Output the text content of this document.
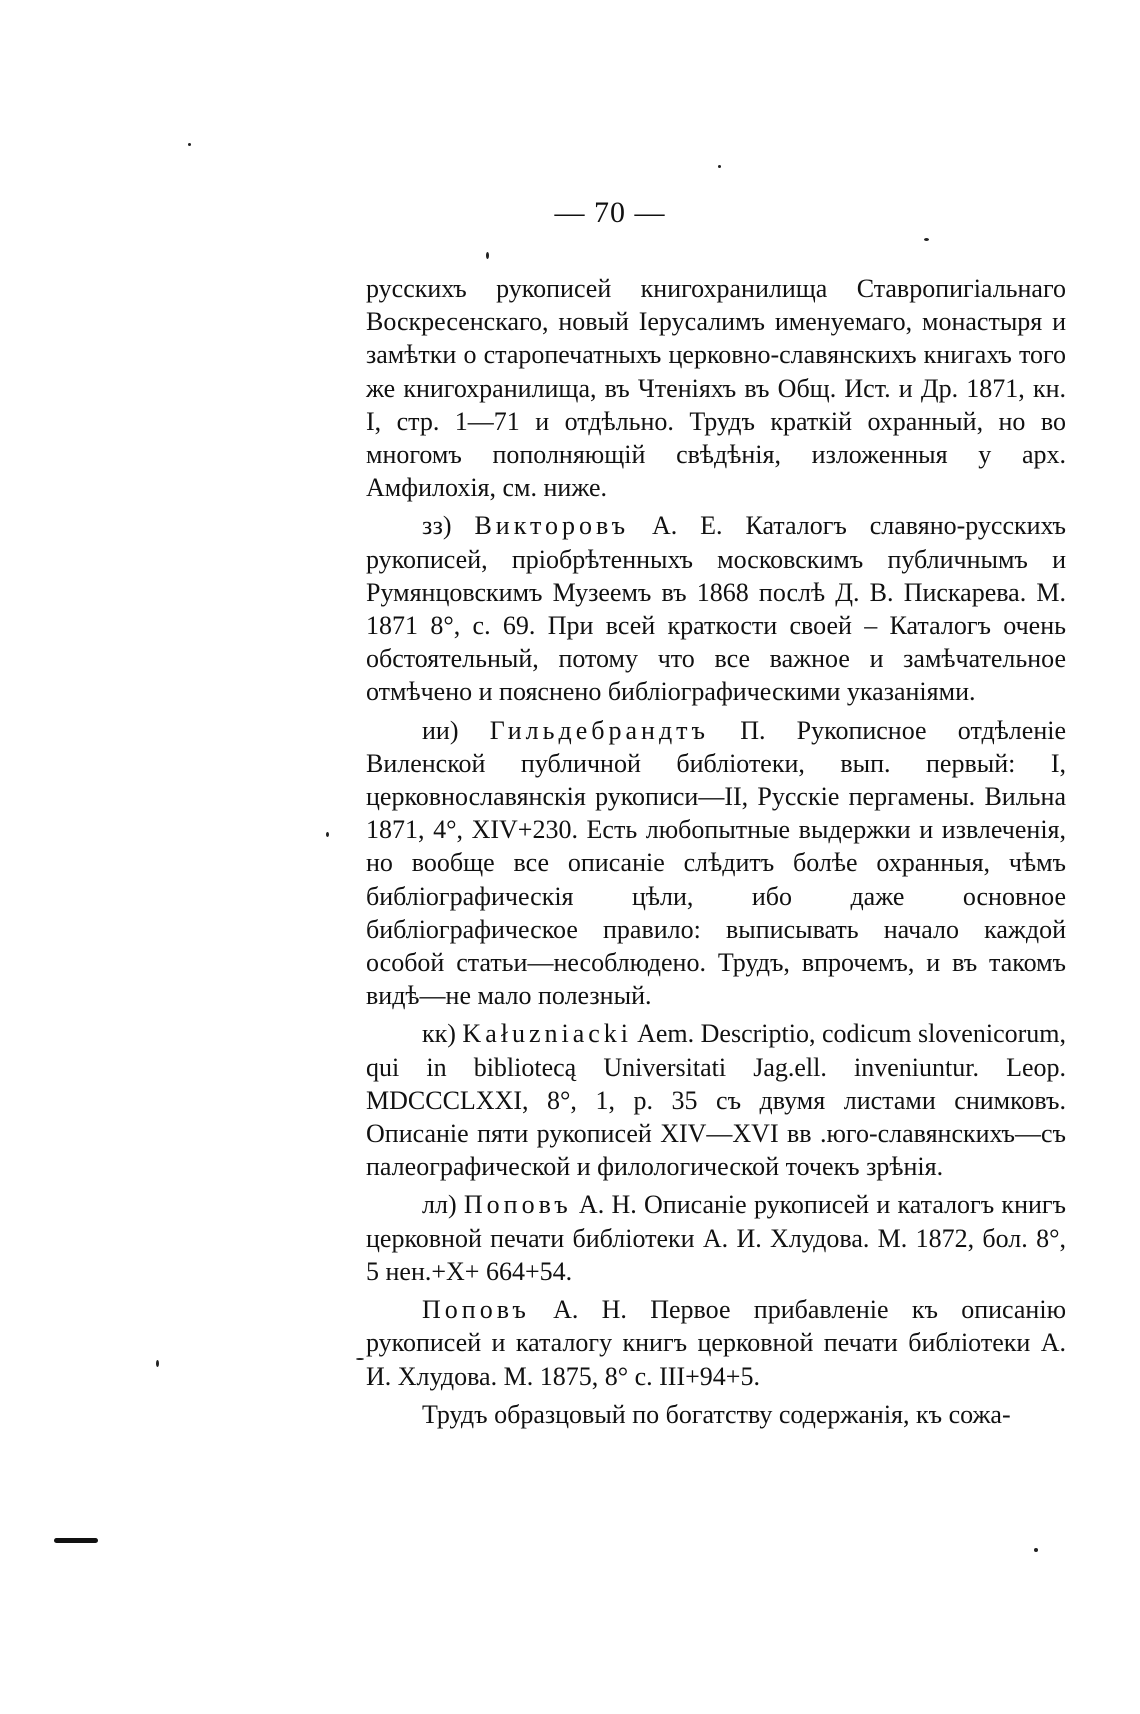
— 70 —

русскихъ рукописей книгохранилища Ставропигіальнаго Воскресенскаго, новый Іерусалимъ именуемаго, монастыря и замѣтки о старопечатныхъ церковно-славянскихъ книгахъ того же книгохранилища, въ Чтеніяхъ въ Общ. Ист. и Др. 1871, кн. I, стр. 1—71 и отдѣльно. Трудъ краткій охранный, но во многомъ пополняющій свѣдѣнія, изложенныя у арх. Амфилохія, см. ниже.

зз) Викторовъ А. Е. Каталогъ славяно-русскихъ рукописей, пріобрѣтенныхъ московскимъ публичнымъ и Румянцовскимъ Музеемъ въ 1868 послѣ Д. В. Пискарева. М. 1871 8°, с. 69. При всей краткости своей – Каталогъ очень обстоятельный, потому что все важное и замѣчательное отмѣчено и пояснено библіографическими указаніями.

ии) Гильдебрандтъ П. Рукописное отдѣленіе Виленской публичной библіотеки, вып. первый: I, церковнославянскія рукописи—II, Русскіе пергамены. Вильна 1871, 4°, XIV+230. Есть любопытные выдержки и извлеченія, но вообще все описаніе слѣдитъ болѣе охранныя, чѣмъ библіографическія цѣли, ибо даже основное библіографическое правило: выписывать начало каждой особой статьи—несоблюдено. Трудъ, впрочемъ, и въ такомъ видѣ—не мало полезный.

кк) Kałuzniacki Aem. Descriptio, codicum slovenicorum, qui in bibliotecą Universitati Jag.ell. inveniuntur. Leop. MDCCCLXXI, 8°, 1, p. 35 съ двумя листами снимковъ. Описаніе пяти рукописей XIV—XVI вв .юго-славянскихъ—съ палеографической и филологической точекъ зрѣнія.

лл) Поповъ А. Н. Описаніе рукописей и каталогъ книгъ церковной печати библіотеки А. И. Хлудова. М. 1872, бол. 8°, 5 нен.+X+ 664+54.

Поповъ А. Н. Первое прибавленіе къ описанію рукописей и каталогу книгъ церковной печати библіотеки А. И. Хлудова. М. 1875, 8° с. III+94+5.

Трудъ образцовый по богатству содержанія, къ сожа-
